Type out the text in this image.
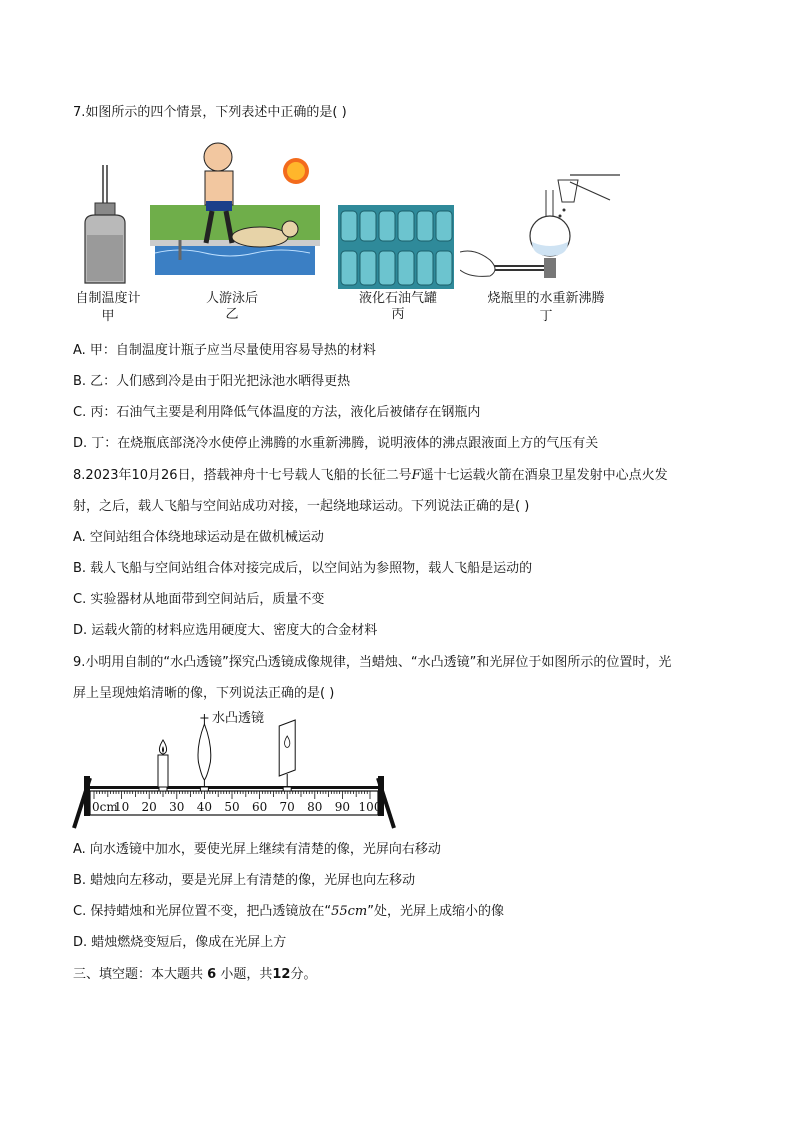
7.如图所示的四个情景，下列表述中正确的是( )
自制温度计
甲
人游泳后
乙
液化石油气罐
丙
烧瓶里的水重新沸腾
丁
A. 甲：自制温度计瓶子应当尽量使用容易导热的材料
B. 乙：人们感到冷是由于阳光把泳池水晒得更热
C. 丙：石油气主要是利用降低气体温度的方法，液化后被储存在钢瓶内
D. 丁：在烧瓶底部浇冷水使停止沸腾的水重新沸腾，说明液体的沸点跟液面上方的气压有关
8.2023年10月26日，搭载神舟十七号载人飞船的长征二号F遥十七运载火箭在酒泉卫星发射中心点火发
射，之后，载人飞船与空间站成功对接，一起绕地球运动。下列说法正确的是( )
A. 空间站组合体绕地球运动是在做机械运动
B. 载人飞船与空间站组合体对接完成后，以空间站为参照物，载人飞船是运动的
C. 实验器材从地面带到空间站后，质量不变
D. 运载火箭的材料应选用硬度大、密度大的合金材料
9.小明用自制的“水凸透镜”探究凸透镜成像规律，当蜡烛、“水凸透镜”和光屏位于如图所示的位置时，光
屏上呈现烛焰清晰的像，下列说法正确的是( )
0cm
10 20 30 40 50 60 70 80 90 100
水凸透镜
A. 向水透镜中加水，要使光屏上继续有清楚的像，光屏向右移动
B. 蜡烛向左移动，要是光屏上有清楚的像，光屏也向左移动
C. 保持蜡烛和光屏位置不变，把凸透镜放在“55cm”处，光屏上成缩小的像
D. 蜡烛燃烧变短后，像成在光屏上方
三、填空题：本大题共 6 小题，共12分。
